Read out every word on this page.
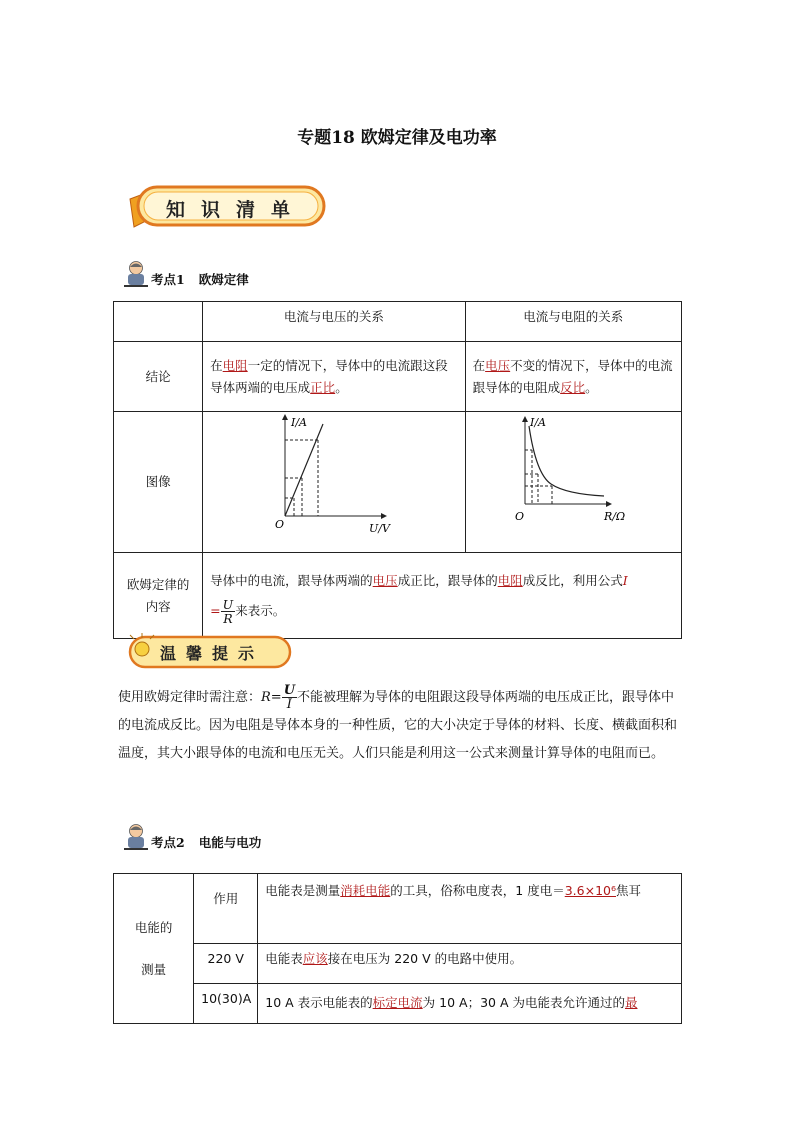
专题18 欧姆定律及电功率
知识清单
考点1 欧姆定律
	电流与电压的关系	电流与电阻的关系
结论	在电阻一定的情况下，导体中的电流跟这段导体两端的电压成正比。	在电压不变的情况下，导体中的电流跟导体的电阻成反比。
图像	I/A
U/V
O	I/A
R/Ω
O

欧姆定律的
内容	导体中的电流，跟导体两端的电压成正比，跟导体的电阻成反比，利用公式I
= $\frac{U}{R}$ 来表示。	
温馨提示
使用欧姆定律时需注意：$R= \frac{U}{I}$ 不能被理解为导体的电阻跟这段导体两端的电压成正比，跟导体中的电流成反比。因为电阻是导体本身的一种性质，它的大小决定于导体的材料、长度、横截面积和温度，其大小跟导体的电流和电压无关。人们只能是利用这一公式来测量计算导体的电阻而已。
考点2 电能与电功
电能的
测量	作用	电能表是测量消耗电能的工具，俗称电度表，1 度电＝3.6×10⁶焦耳
	220 V	电能表应该接在电压为 220 V 的电路中使用。
	10(30)A	10 A 表示电能表的标定电流为 10 A；30 A 为电能表允许通过的最
